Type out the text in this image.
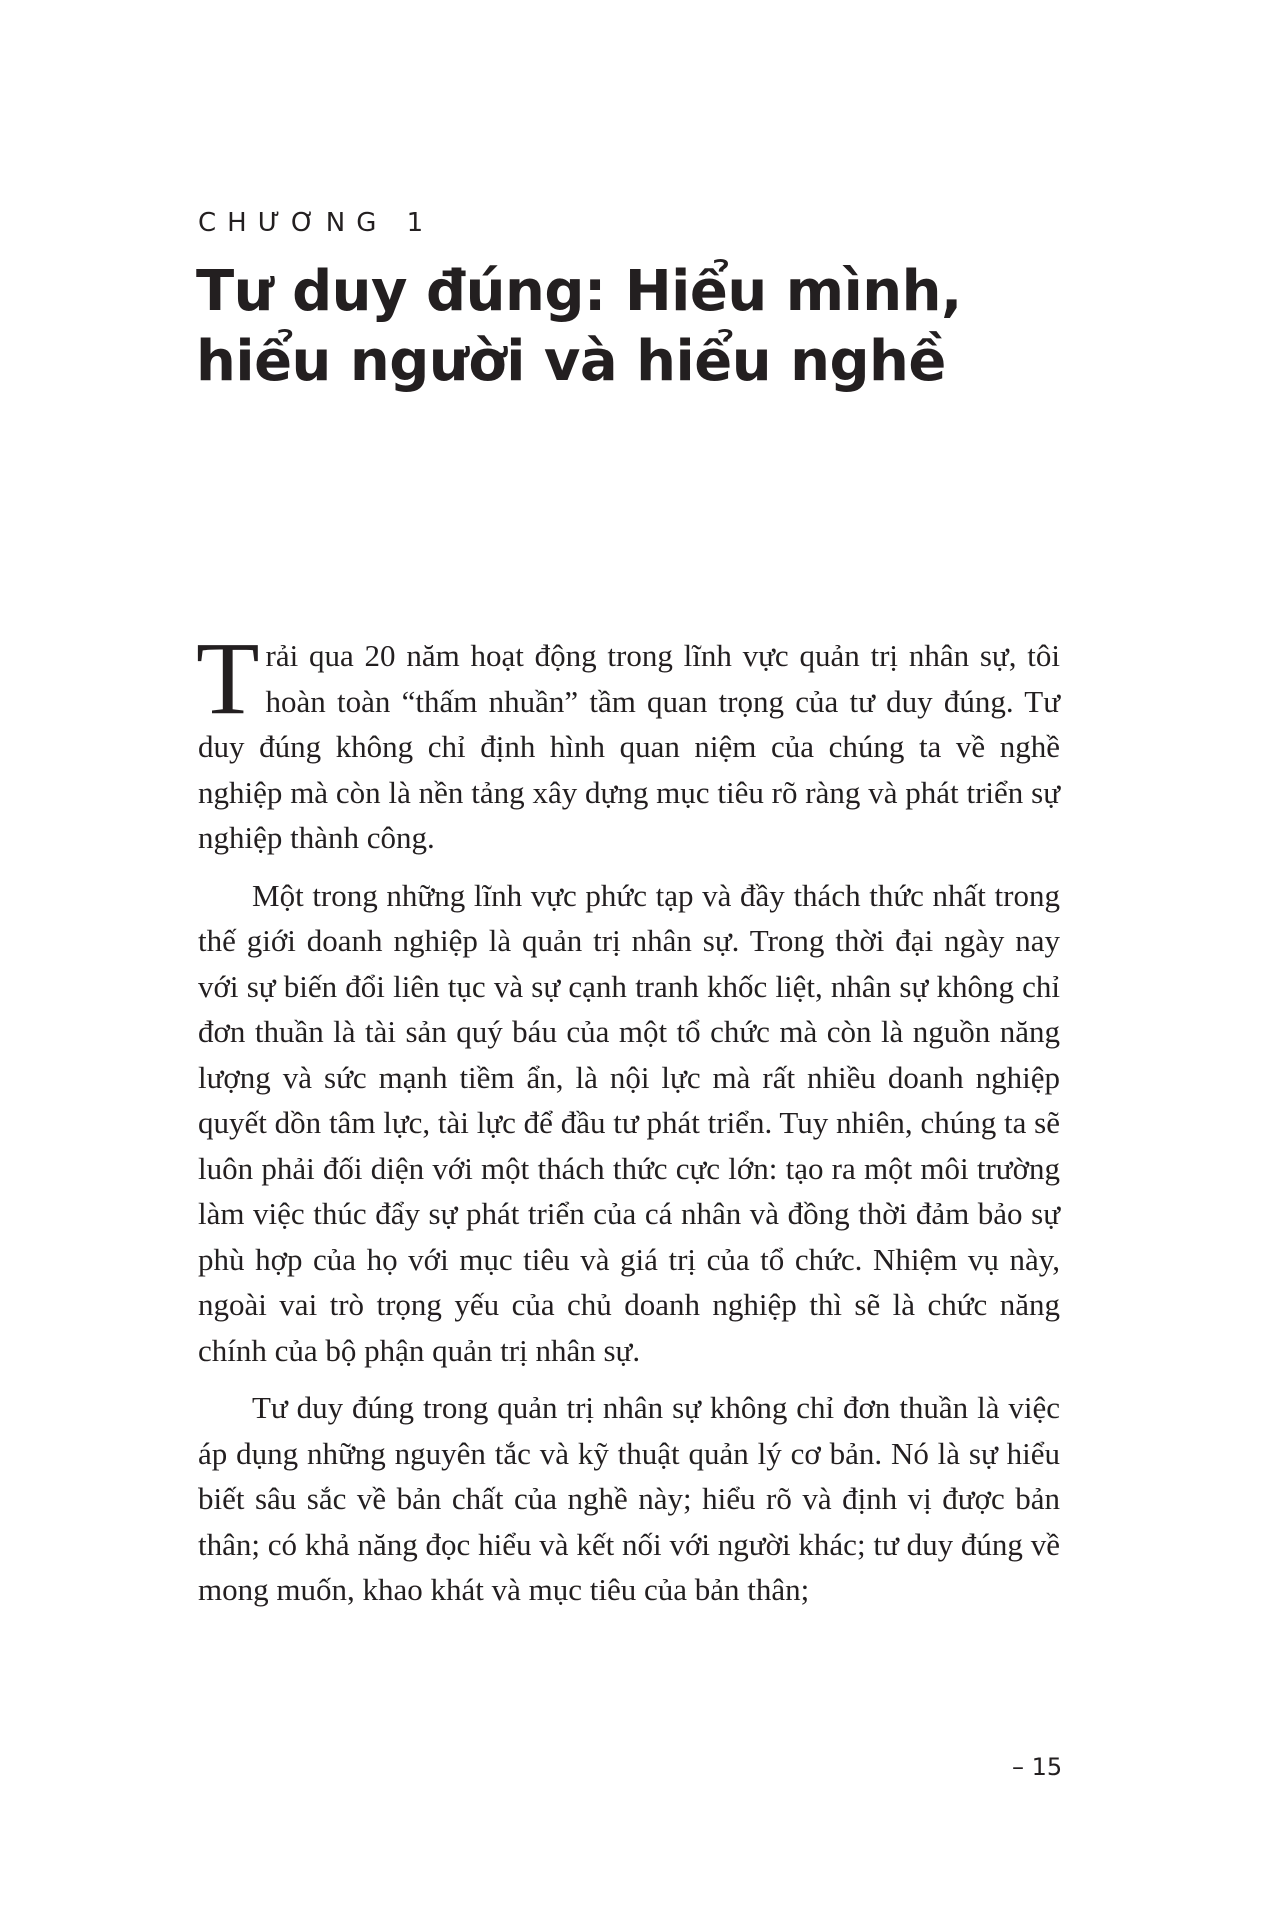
CHƯƠNG 1

Tư duy đúng: Hiểu mình,
hiểu người và hiểu nghề

Trải qua 20 năm hoạt động trong lĩnh vực quản trị nhân sự, tôi hoàn toàn “thấm nhuần” tầm quan trọng của tư duy đúng. Tư duy đúng không chỉ định hình quan niệm của chúng ta về nghề nghiệp mà còn là nền tảng xây dựng mục tiêu rõ ràng và phát triển sự nghiệp thành công.

Một trong những lĩnh vực phức tạp và đầy thách thức nhất trong thế giới doanh nghiệp là quản trị nhân sự. Trong thời đại ngày nay với sự biến đổi liên tục và sự cạnh tranh khốc liệt, nhân sự không chỉ đơn thuần là tài sản quý báu của một tổ chức mà còn là nguồn năng lượng và sức mạnh tiềm ẩn, là nội lực mà rất nhiều doanh nghiệp quyết dồn tâm lực, tài lực để đầu tư phát triển. Tuy nhiên, chúng ta sẽ luôn phải đối diện với một thách thức cực lớn: tạo ra một môi trường làm việc thúc đẩy sự phát triển của cá nhân và đồng thời đảm bảo sự phù hợp của họ với mục tiêu và giá trị của tổ chức. Nhiệm vụ này, ngoài vai trò trọng yếu của chủ doanh nghiệp thì sẽ là chức năng chính của bộ phận quản trị nhân sự.

Tư duy đúng trong quản trị nhân sự không chỉ đơn thuần là việc áp dụng những nguyên tắc và kỹ thuật quản lý cơ bản. Nó là sự hiểu biết sâu sắc về bản chất của nghề này; hiểu rõ và định vị được bản thân; có khả năng đọc hiểu và kết nối với người khác; tư duy đúng về mong muốn, khao khát và mục tiêu của bản thân;

– 15
